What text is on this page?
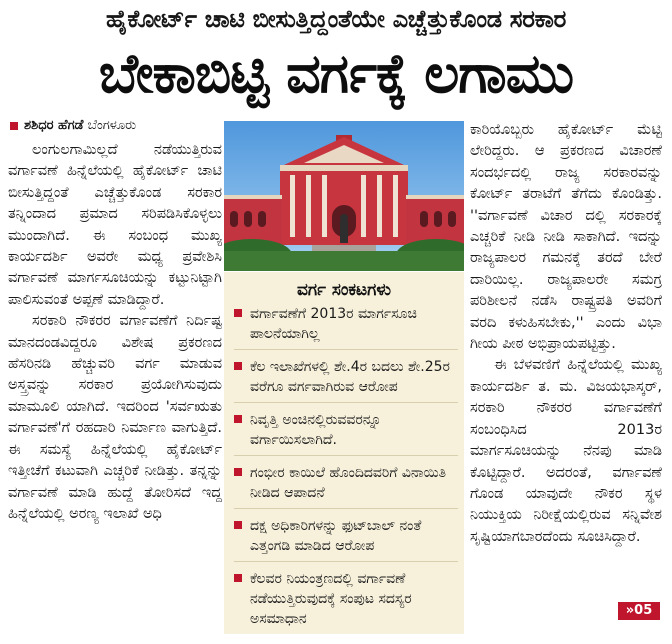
ಹೈಕೋರ್ಟ್ ಚಾಟಿ ಬೀಸುತ್ತಿದ್ದಂತೆಯೇ ಎಚ್ಚೆತ್ತುಕೊಂಡ ಸರಕಾರ
ಬೇಕಾಬಿಟ್ಟಿ ವರ್ಗಕ್ಕೆ ಲಗಾಮು
ಶಶಿಧರ ಹೆಗಡೆ ಬೆಂಗಳೂರು

ಲಂಗುಲಗಾಮಿಲ್ಲದೆ ನಡೆಯುತ್ತಿರುವ ವರ್ಗಾವಣೆ ಹಿನ್ನೆಲೆಯಲ್ಲಿ ಹೈಕೋರ್ಟ್ ಚಾಟಿ ಬೀಸುತ್ತಿದ್ದಂತೆ ಎಚ್ಚೆತ್ತುಕೊಂಡ ಸರಕಾರ ತನ್ನಿಂದಾದ ಪ್ರಮಾದ ಸರಿಪಡಿಸಿಕೊಳ್ಳಲು ಮುಂದಾಗಿದೆ. ಈ ಸಂಬಂಧ ಮುಖ್ಯ ಕಾರ್ಯದರ್ಶಿ ಅವರೇ ಮಧ್ಯ ಪ್ರವೇಶಿಸಿ ವರ್ಗಾವಣೆ ಮಾರ್ಗಸೂಚಿಯನ್ನು ಕಟ್ಟುನಿಟ್ಟಾಗಿ ಪಾಲಿಸುವಂತೆ ಅಪ್ಪಣೆ ಮಾಡಿದ್ದಾರೆ.

ಸರಕಾರಿ ನೌಕರರ ವರ್ಗಾವಣೆಗೆ ನಿರ್ದಿಷ್ಟ ಮಾನದಂಡವಿದ್ದರೂ ವಿಶೇಷ ಪ್ರಕರಣದ ಹೆಸರಿನಡಿ ಹೆಚ್ಚುವರಿ ವರ್ಗ ಮಾಡುವ ಅಸ್ತ್ರವನ್ನು ಸರಕಾರ ಪ್ರಯೋಗಿಸುವುದು ಮಾಮೂಲಿ ಯಾಗಿದೆ. ಇದರಿಂದ 'ಸರ್ವಋತು ವರ್ಗಾವಣೆ'ಗೆ ರಹದಾರಿ ನಿರ್ಮಾಣ ವಾಗುತ್ತಿದೆ. ಈ ಸಮಸ್ಯೆ ಹಿನ್ನೆಲೆಯಲ್ಲಿ ಹೈಕೋರ್ಟ್ ಇತ್ತೀಚೆಗೆ ಕಟುವಾಗಿ ಎಚ್ಚರಿಕೆ ನೀಡಿತ್ತು. ತನ್ನನ್ನು ವರ್ಗಾವಣೆ ಮಾಡಿ ಹುದ್ದೆ ತೋರಿಸದೆ ಇದ್ದ ಹಿನ್ನೆಲೆಯಲ್ಲಿ ಅರಣ್ಯ ಇಲಾಖೆ ಅಧಿ

ವರ್ಗ ಸಂಕಟಗಳು
ವರ್ಗಾವಣೆಗೆ 2013ರ ಮಾರ್ಗಸೂಚಿ ಪಾಲನೆಯಾಗಿಲ್ಲ
ಕೆಲ ಇಲಾಖೆಗಳಲ್ಲಿ ಶೇ.4ರ ಬದಲು ಶೇ.25ರ ವರೆಗೂ ವರ್ಗವಾಗಿರುವ ಆರೋಪ
ನಿವೃತ್ತಿ ಅಂಚಿನಲ್ಲಿರುವವರನ್ನೂ ವರ್ಗಾಯಿಸಲಾಗಿದೆ.
ಗಂಭೀರ ಕಾಯಿಲೆ ಹೊಂದಿದವರಿಗೆ ವಿನಾಯಿತಿ ನೀಡಿದ ಆಪಾದನೆ
ದಕ್ಷ ಅಧಿಕಾರಿಗಳನ್ನು ಫುಟ್‌ಬಾಲ್ ನಂತೆ ಎತ್ತಂಗಡಿ ಮಾಡಿದ ಆರೋಪ
ಕೆಲವರ ನಿಯಂತ್ರಣದಲ್ಲಿ ವರ್ಗಾವಣೆ ನಡೆಯುತ್ತಿರುವುದಕ್ಕೆ ಸಂಪುಟ ಸದಸ್ಯರ ಅಸಮಾಧಾನ

ಕಾರಿಯೊಬ್ಬರು ಹೈಕೋರ್ಟ್ ಮೆಟ್ಟಿ ಲೇರಿದ್ದರು. ಆ ಪ್ರಕರಣದ ವಿಚಾರಣೆ ಸಂದರ್ಭದಲ್ಲಿ ರಾಜ್ಯ ಸರಕಾರವನ್ನು ಕೋರ್ಟ್ ತರಾಟೆಗೆ ತೆಗೆದು ಕೊಂಡಿತ್ತು. ''ವರ್ಗಾವಣೆ ವಿಚಾರ ದಲ್ಲಿ ಸರಕಾರಕ್ಕೆ ಎಚ್ಚರಿಕೆ ನೀಡಿ ನೀಡಿ ಸಾಕಾಗಿದೆ. ಇದನ್ನು ರಾಜ್ಯಪಾಲರ ಗಮನಕ್ಕೆ ತರದೆ ಬೇರೆ ದಾರಿಯಿಲ್ಲ. ರಾಜ್ಯಪಾಲರೇ ಸಮಗ್ರ ಪರಿಶೀಲನೆ ನಡೆಸಿ ರಾಷ್ಟ್ರಪತಿ ಅವರಿಗೆ ವರದಿ ಕಳುಹಿಸಬೇಕು,'' ಎಂದು ವಿಭಾ ಗೀಯ ಪೀಠ ಅಭಿಪ್ರಾಯಪಟ್ಟಿತ್ತು.

ಈ ಬೆಳವಣಿಗೆ ಹಿನ್ನೆಲೆಯಲ್ಲಿ ಮುಖ್ಯ ಕಾರ್ಯದರ್ಶಿ ತ. ಮ. ವಿಜಯಭಾಸ್ಕರ್, ಸರಕಾರಿ ನೌಕರರ ವರ್ಗಾವಣೆಗೆ ಸಂಬಂಧಿಸಿದ 2013ರ ಮಾರ್ಗಸೂಚಿಯನ್ನು ನೆನಪು ಮಾಡಿ ಕೊಟ್ಟಿದ್ದಾರೆ. ಅದರಂತೆ, ವರ್ಗಾವಣೆ ಗೊಂಡ ಯಾವುದೇ ನೌಕರ ಸ್ಥಳ ನಿಯುಕ್ತಿಯ ನಿರೀಕ್ಷೆಯಲ್ಲಿರುವ ಸನ್ನಿವೇಶ ಸೃಷ್ಟಿಯಾಗಬಾರದೆಂದು ಸೂಚಿಸಿದ್ದಾರೆ.

»05
